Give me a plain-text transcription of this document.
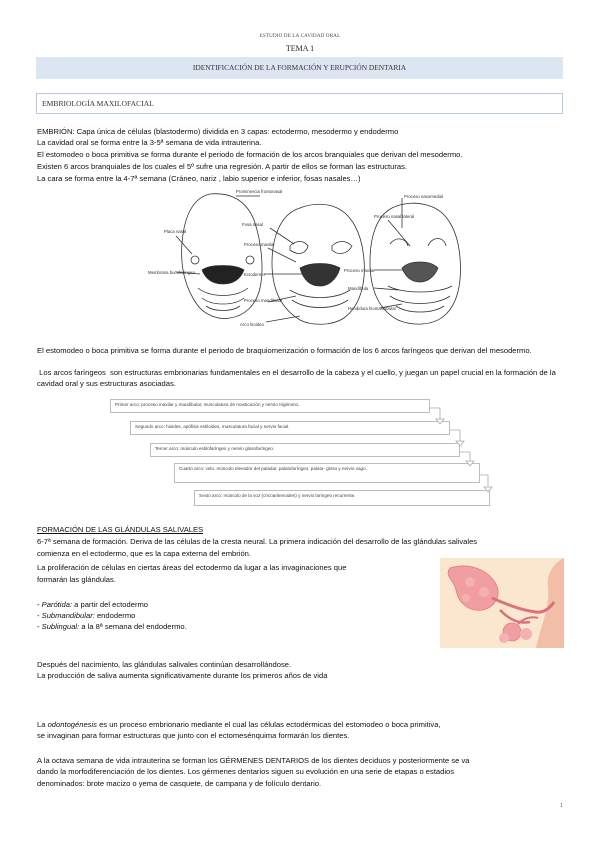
ESTUDIO DE LA CAVIDAD ORAL
TEMA 1
IDENTIFICACIÓN DE LA FORMACIÓN Y ERUPCIÓN DENTARIA
EMBRIOLOGÍA MAXILOFACIAL
EMBRIÓN: Capa única de células (blastodermo) dividida en 3 capas: ectodermo, mesodermo y endodermo
La cavidad oral se forma entre la 3-5ª semana de vida intrauterina.
El estomodeo o boca primitiva se forma durante el periodo de formación de los arcos branquiales que derivan del mesodermo.
Existen 6 arcos branquiales de los cuales el 5º sufre una regresión. A partir de ellos se forman las estructuras.
La cara se forma entre la 4-7ª semana (Cráneo, nariz , labio superior e inferior, fosas nasales…)
Prominencia frontonasal
Placa nasal
Fosa nasal
Proceso maxilar
Ectodermo
Membrana bucofaríngea
Proceso mandibular
Arco hioideo
Proceso nasomedial
Proceso nasal lateral
Proceso maxilar
Mandíbula
Hendidura hiomandibular
El estomodeo o boca primitiva se forma durante el periodo de braquiomerización o formación de los 6 arcos faríngeos que derivan del mesodermo.
Los arcos faríngeos  son estructuras embrionarias fundamentales en el desarrollo de la cabeza y el cuello, y juegan un papel crucial en la formación de la cavidad oral y sus estructuras asociadas.
Primer arco: proceso maxilar y mandibular, musculatura de masticación y nervio trigémino.
Segundo arco: hioides, apófisis estiloides, musculatura facial y nervio facial.
Tercer arco: músculo estilofaríngeo y nervio glosofaríngeo.
Cuarto arco: velo, músculo elevador del paladar, palatofaríngeo, palato- gloso y nervio vago.
Sexto arco: músculo de la voz (cricoaritenoides) y nervio laríngeo recurrente.
FORMACIÓN DE LAS GLÁNDULAS SALIVALES
6-7ª semana de formación. Deriva de las células de la cresta neural. La primera indicación del desarrollo de las glándulas salivales
comienza en el ectodermo, que es la capa externa del embrión.
La proliferación de células en ciertas áreas del ectodermo da lugar a las invaginaciones que
formarán las glándulas.
- Parótida: a partir del ectodermo
- Submandibular: endodermo
- Sublingual: a la 8ª semana del endodermo.
Después del nacimiento, las glándulas salivales continúan desarrollándose.
La producción de saliva aumenta significativamente durante los primeros años de vida
La odontogénesis es un proceso embrionario mediante el cual las células ectodérmicas del estomodeo o boca primitiva,
se invaginan para formar estructuras que junto con el ectomesénquima formarán los dientes.
A la octava semana de vida intrauterina se forman los GÉRMENES DENTARIOS de los dientes deciduos y posteriormente se va
dando la morfodiferenciación de los dientes. Los gérmenes dentarios siguen su evolución en una serie de etapas o estadios
denominados: brote macizo o yema de casquete, de campana y de folículo dentario.
1
